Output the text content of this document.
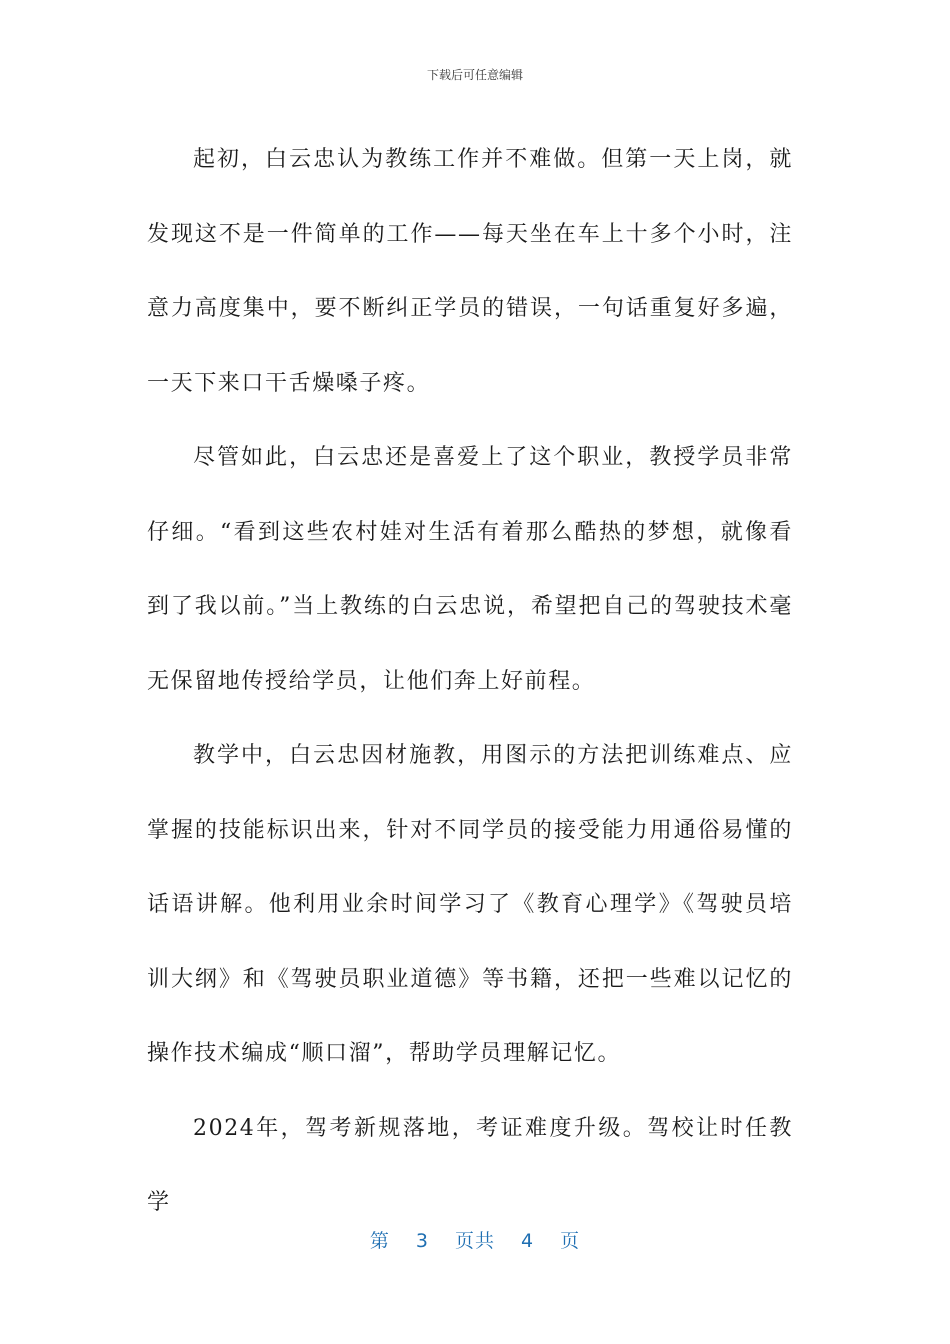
下载后可任意编辑

起初，白云忠认为教练工作并不难做。但第一天上岗，就发现这不是一件简单的工作——每天坐在车上十多个小时，注意力高度集中，要不断纠正学员的错误，一句话重复好多遍，一天下来口干舌燥嗓子疼。

尽管如此，白云忠还是喜爱上了这个职业，教授学员非常仔细。“看到这些农村娃对生活有着那么酷热的梦想，就像看到了我以前。”当上教练的白云忠说，希望把自己的驾驶技术毫无保留地传授给学员，让他们奔上好前程。

教学中，白云忠因材施教，用图示的方法把训练难点、应掌握的技能标识出来，针对不同学员的接受能力用通俗易懂的话语讲解。他利用业余时间学习了《教育心理学》《驾驶员培训大纲》和《驾驶员职业道德》等书籍，还把一些难以记忆的操作技术编成“顺口溜”，帮助学员理解记忆。

2024年，驾考新规落地，考证难度升级。驾校让时任教学

第 3 页共 4 页
